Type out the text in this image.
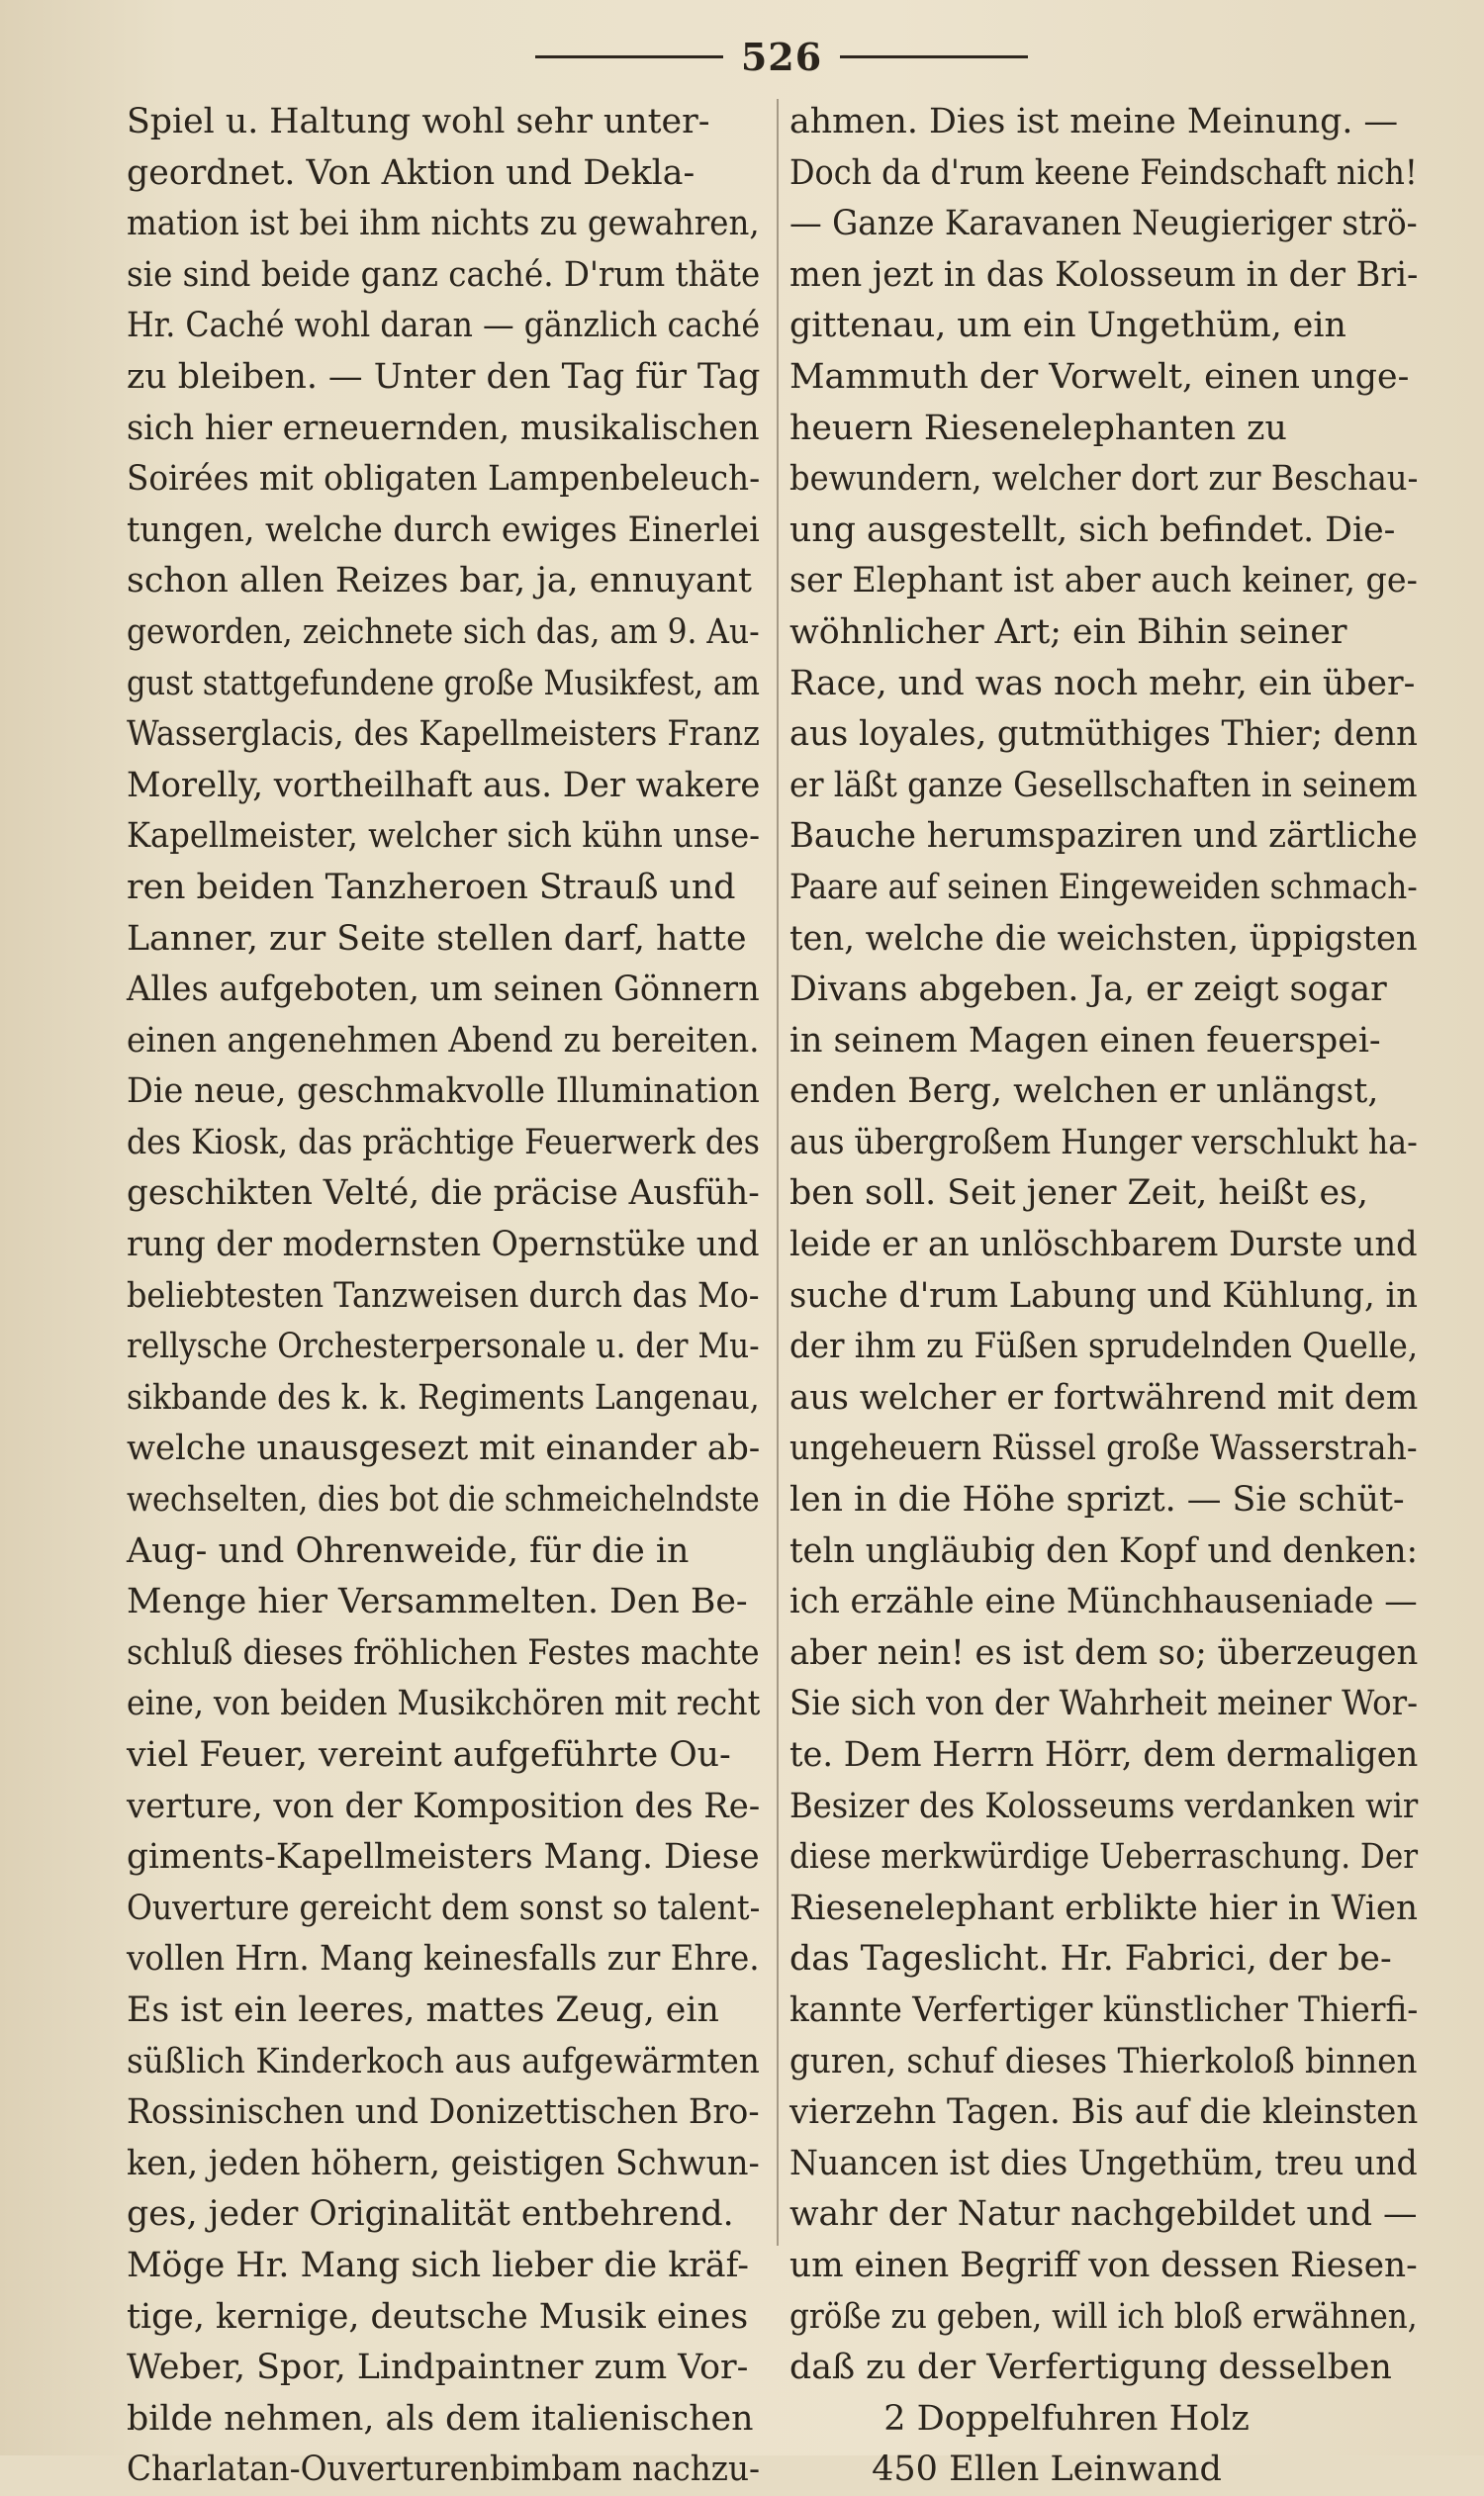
526
Spiel u. Haltung wohl sehr unter-
geordnet. Von Aktion und Dekla-
mation ist bei ihm nichts zu gewahren,
sie sind beide ganz caché. D'rum thäte
Hr. Caché wohl daran — gänzlich caché
zu bleiben. — Unter den Tag für Tag
sich hier erneuernden, musikalischen
Soirées mit obligaten Lampenbeleuch-
tungen, welche durch ewiges Einerlei
schon allen Reizes bar, ja, ennuyant
geworden, zeichnete sich das, am 9. Au-
gust stattgefundene große Musikfest, am
Wasserglacis, des Kapellmeisters Franz
Morelly, vortheilhaft aus. Der wakere
Kapellmeister, welcher sich kühn unse-
ren beiden Tanzheroen Strauß und
Lanner, zur Seite stellen darf, hatte
Alles aufgeboten, um seinen Gönnern
einen angenehmen Abend zu bereiten.
Die neue, geschmakvolle Illumination
des Kiosk, das prächtige Feuerwerk des
geschikten Velté, die präcise Ausfüh-
rung der modernsten Opernstüke und
beliebtesten Tanzweisen durch das Mo-
rellysche Orchesterpersonale u. der Mu-
sikbande des k. k. Regiments Langenau,
welche unausgesezt mit einander ab-
wechselten, dies bot die schmeichelndste
Aug- und Ohrenweide, für die in
Menge hier Versammelten. Den Be-
schluß dieses fröhlichen Festes machte
eine, von beiden Musikchören mit recht
viel Feuer, vereint aufgeführte Ou-
verture, von der Komposition des Re-
giments-Kapellmeisters Mang. Diese
Ouverture gereicht dem sonst so talent-
vollen Hrn. Mang keinesfalls zur Ehre.
Es ist ein leeres, mattes Zeug, ein
süßlich Kinderkoch aus aufgewärmten
Rossinischen und Donizettischen Bro-
ken, jeden höhern, geistigen Schwun-
ges, jeder Originalität entbehrend.
Möge Hr. Mang sich lieber die kräf-
tige, kernige, deutsche Musik eines
Weber, Spor, Lindpaintner zum Vor-
bilde nehmen, als dem italienischen
Charlatan-Ouverturenbimbam nachzu-
ahmen. Dies ist meine Meinung. —
Doch da d'rum keene Feindschaft nich!
— Ganze Karavanen Neugieriger strö-
men jezt in das Kolosseum in der Bri-
gittenau, um ein Ungethüm, ein
Mammuth der Vorwelt, einen unge-
heuern Riesenelephanten zu
bewundern, welcher dort zur Beschau-
ung ausgestellt, sich befindet. Die-
ser Elephant ist aber auch keiner, ge-
wöhnlicher Art; ein Bihin seiner
Race, und was noch mehr, ein über-
aus loyales, gutmüthiges Thier; denn
er läßt ganze Gesellschaften in seinem
Bauche herumspaziren und zärtliche
Paare auf seinen Eingeweiden schmach-
ten, welche die weichsten, üppigsten
Divans abgeben. Ja, er zeigt sogar
in seinem Magen einen feuerspei-
enden Berg, welchen er unlängst,
aus übergroßem Hunger verschlukt ha-
ben soll. Seit jener Zeit, heißt es,
leide er an unlöschbarem Durste und
suche d'rum Labung und Kühlung, in
der ihm zu Füßen sprudelnden Quelle,
aus welcher er fortwährend mit dem
ungeheuern Rüssel große Wasserstrah-
len in die Höhe sprizt. — Sie schüt-
teln ungläubig den Kopf und denken:
ich erzähle eine Münchhauseniade —
aber nein! es ist dem so; überzeugen
Sie sich von der Wahrheit meiner Wor-
te. Dem Herrn Hörr, dem dermaligen
Besizer des Kolosseums verdanken wir
diese merkwürdige Ueberraschung. Der
Riesenelephant erblikte hier in Wien
das Tageslicht. Hr. Fabrici, der be-
kannte Verfertiger künstlicher Thierfi-
guren, schuf dieses Thierkoloß binnen
vierzehn Tagen. Bis auf die kleinsten
Nuancen ist dies Ungethüm, treu und
wahr der Natur nachgebildet und —
um einen Begriff von dessen Riesen-
größe zu geben, will ich bloß erwähnen,
daß zu der Verfertigung desselben
2 Doppelfuhren Holz
450 Ellen Leinwand
